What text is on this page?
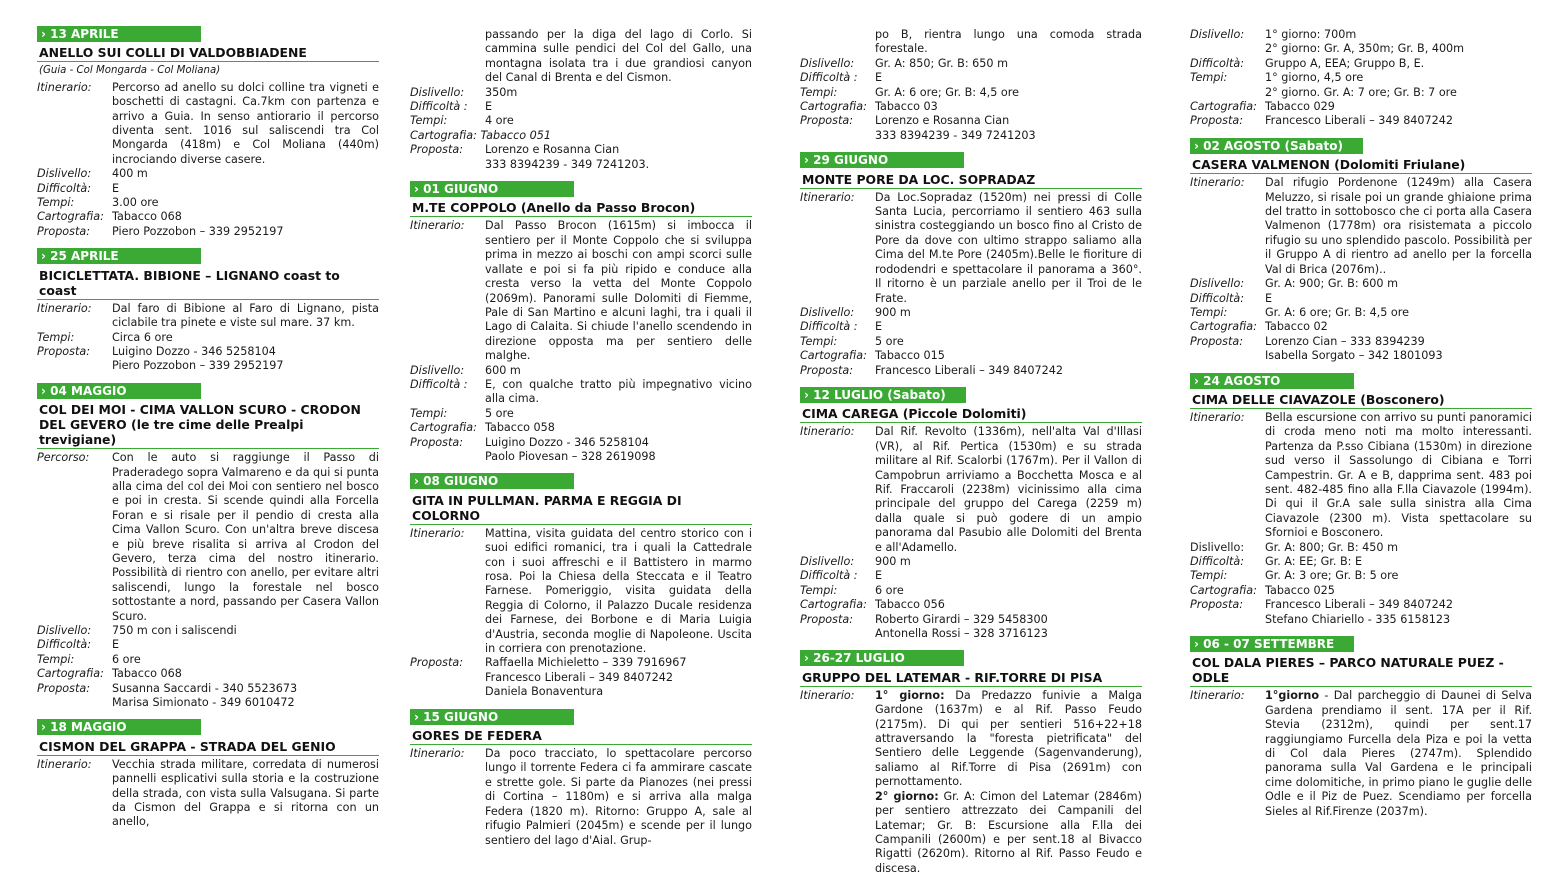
› 13 APRILE
ANELLO SUI COLLI DI VALDOBBIADENE
(Guia - Col Mongarda - Col Moliana)
Itinerario:	Percorso ad anello su dolci colline tra vigneti e boschetti di castagni. Ca.7km con partenza e arrivo a Guia. In senso antiorario il percorso diventa sent. 1016 sul saliscendi tra Col Mongarda (418m) e Col Moliana (440m) incrociando diverse casere.
Dislivello:	400 m
Difficoltà:	E
Tempi:	3.00 ore
Cartografia: Tabacco 068
Proposta:	Piero Pozzobon – 339 2952197
› 25 APRILE
BICICLETTATA. BIBIONE – LIGNANO coast to coast
Itinerario:	Dal faro di Bibione al Faro di Lignano, pista ciclabile tra pinete e viste sul mare. 37 km.
Tempi:	Circa 6 ore
Proposta:	Luigino Dozzo - 346 5258104
Piero Pozzobon – 339 2952197
› 04 MAGGIO
COL DEI MOI - CIMA VALLON SCURO - CRODON DEL GEVERO (le tre cime delle Prealpi trevigiane)
Percorso:	Con le auto si raggiunge il Passo di Praderadego sopra Valmareno e da qui si punta alla cima del col dei Moi con sentiero nel bosco e poi in cresta. Si scende quindi alla Forcella Foran e si risale per il pendio di cresta alla Cima Vallon Scuro. Con un'altra breve discesa e più breve risalita si arriva al Crodon del Gevero, terza cima del nostro itinerario. Possibilità di rientro con anello, per evitare altri saliscendi, lungo la forestale nel bosco sottostante a nord, passando per Casera Vallon Scuro.
Dislivello:	750 m con i saliscendi
Difficoltà:	E
Tempi:	6 ore
Cartografia: Tabacco 068
Proposta:	Susanna Saccardi - 340 5523673
Marisa Simionato - 349 6010472
› 18 MAGGIO
CISMON DEL GRAPPA - STRADA DEL GENIO
Itinerario:	Vecchia strada militare, corredata di numerosi pannelli esplicativi sulla storia e la costruzione della strada, con vista sulla Valsugana. Si parte da Cismon del Grappa e si ritorna con un anello,
passando per la diga del lago di Corlo. Si cammina sulle pendici del Col del Gallo, una montagna isolata tra i due grandiosi canyon del Canal di Brenta e del Cismon.
Dislivello:	350m
Difficoltà :	E
Tempi:	4 ore
Cartografia: Tabacco 051
Proposta:	Lorenzo e Rosanna Cian
333 8394239 - 349 7241203.
› 01 GIUGNO
M.TE COPPOLO (Anello da Passo Brocon)
Itinerario:	Dal Passo Brocon (1615m) si imbocca il sentiero per il Monte Coppolo che si sviluppa prima in mezzo ai boschi con ampi scorci sulle vallate e poi si fa più ripido e conduce alla cresta verso la vetta del Monte Coppolo (2069m). Panorami sulle Dolomiti di Fiemme, Pale di San Martino e alcuni laghi, tra i quali il Lago di Calaita. Si chiude l'anello scendendo in direzione opposta ma per sentiero delle malghe.
Dislivello:	600 m
Difficoltà :	E, con qualche tratto più impegnativo vicino alla cima.
Tempi:	5 ore
Cartografia: Tabacco 058
Proposta:	Luigino Dozzo - 346 5258104
Paolo Piovesan – 328 2619098
› 08 GIUGNO
GITA IN PULLMAN. PARMA E REGGIA DI COLORNO
Itinerario:	Mattina, visita guidata del centro storico con i suoi edifici romanici, tra i quali la Cattedrale con i suoi affreschi e il Battistero in marmo rosa. Poi la Chiesa della Steccata e il Teatro Farnese. Pomeriggio, visita guidata della Reggia di Colorno, il Palazzo Ducale residenza dei Farnese, dei Borbone e di Maria Luigia d'Austria, seconda moglie di Napoleone. Uscita in corriera con prenotazione.
Proposta:	Raffaella Michieletto – 339 7916967
Francesco Liberali – 349 8407242
Daniela Bonaventura
› 15 GIUGNO
GORES DE FEDERA
Itinerario:	Da poco tracciato, lo spettacolare percorso lungo il torrente Federa ci fa ammirare cascate e strette gole. Si parte da Pianozes (nei pressi di Cortina – 1180m) e si arriva alla malga Federa (1820 m). Ritorno: Gruppo A, sale al rifugio Palmieri (2045m) e scende per il lungo sentiero del lago d'Aial. Grup-
po B, rientra lungo una comoda strada forestale.
Dislivello:	Gr. A: 850; Gr. B: 650 m
Difficoltà :	E
Tempi:	Gr. A: 6 ore; Gr. B: 4,5 ore
Cartografia: Tabacco 03
Proposta:	Lorenzo e Rosanna Cian
333 8394239 - 349 7241203
› 29 GIUGNO
MONTE PORE DA LOC. SOPRADAZ
Itinerario:	Da Loc.Sopradaz (1520m) nei pressi di Colle Santa Lucia, percorriamo il sentiero 463 sulla sinistra costeggiando un bosco fino al Cristo de Pore da dove con ultimo strappo saliamo alla Cima del M.te Pore (2405m).Belle le fioriture di rododendri e spettacolare il panorama a 360°. Il ritorno è un parziale anello per il Troi de le Frate.
Dislivello:	900 m
Difficoltà :	E
Tempi:	5 ore
Cartografia: Tabacco 015
Proposta:	Francesco Liberali – 349 8407242
› 12 LUGLIO (Sabato)
CIMA CAREGA (Piccole Dolomiti)
Itinerario:	Dal Rif. Revolto (1336m), nell'alta Val d'Illasi (VR), al Rif. Pertica (1530m) e su strada militare al Rif. Scalorbi (1767m). Per il Vallon di Campobrun arriviamo a Bocchetta Mosca e al Rif. Fraccaroli (2238m) vicinissimo alla cima principale del gruppo del Carega (2259 m) dalla quale si può godere di un ampio panorama dal Pasubio alle Dolomiti del Brenta e all'Adamello.
Dislivello:	900 m
Difficoltà :	E
Tempi:	6 ore
Cartografia: Tabacco 056
Proposta:	Roberto Girardi – 329 5458300
Antonella Rossi – 328 3716123
› 26-27 LUGLIO
GRUPPO DEL LATEMAR - RIF.TORRE DI PISA
Itinerario:	1° giorno: Da Predazzo funivie a Malga Gardone (1637m) e al Rif. Passo Feudo (2175m). Di qui per sentieri 516+22+18 attraversando la "foresta pietrificata" del Sentiero delle Leggende (Sagenvanderung), saliamo al Rif.Torre di Pisa (2691m) con pernottamento.
2° giorno: Gr. A: Cimon del Latemar (2846m) per sentiero attrezzato dei Campanili del Latemar; Gr. B: Escursione alla F.lla dei Campanili (2600m) e per sent.18 al Bivacco Rigatti (2620m). Ritorno al Rif. Passo Feudo e discesa.
Dislivello:	1° giorno: 700m
2° giorno: Gr. A, 350m; Gr. B, 400m
Difficoltà:	Gruppo A, EEA; Gruppo B, E.
Tempi:	1° giorno, 4,5 ore
2° giorno. Gr. A: 7 ore; Gr. B: 7 ore
Cartografia: Tabacco 029
Proposta:	Francesco Liberali – 349 8407242
› 02 AGOSTO (Sabato)
CASERA VALMENON (Dolomiti Friulane)
Itinerario:	Dal rifugio Pordenone (1249m) alla Casera Meluzzo, si risale poi un grande ghiaione prima del tratto in sottobosco che ci porta alla Casera Valmenon (1778m) ora risistemata a piccolo rifugio su uno splendido pascolo. Possibilità per il Gruppo A di rientro ad anello per la forcella Val di Brica (2076m)..
Dislivello:	Gr. A: 900; Gr. B: 600 m
Difficoltà:	E
Tempi:	Gr. A: 6 ore; Gr. B: 4,5 ore
Cartografia: Tabacco 02
Proposta:	Lorenzo Cian – 333 8394239
Isabella Sorgato – 342 1801093
› 24 AGOSTO
CIMA DELLE CIAVAZOLE (Bosconero)
Itinerario:	Bella escursione con arrivo su punti panoramici di croda meno noti ma molto interessanti. Partenza da P.sso Cibiana (1530m) in direzione sud verso il Sassolungo di Cibiana e Torri Campestrin. Gr. A e B, dapprima sent. 483 poi sent. 482-485 fino alla F.lla Ciavazole (1994m). Di qui il Gr.A sale sulla sinistra alla Cima Ciavazole (2300 m). Vista spettacolare su Sfornioi e Bosconero.
Dislivello:	Gr. A: 800; Gr. B: 450 m
Difficoltà:	Gr. A: EE; Gr. B: E
Tempi:	Gr. A: 3 ore; Gr. B: 5 ore
Cartografia: Tabacco 025
Proposta:	Francesco Liberali – 349 8407242
Stefano Chiariello - 335 6158123
› 06 - 07 SETTEMBRE
COL DALA PIERES – PARCO NATURALE PUEZ - ODLE
Itinerario:	1°giorno - Dal parcheggio di Daunei di Selva Gardena prendiamo il sent. 17A per il Rif. Stevia (2312m), quindi per sent.17 raggiungiamo Furcella dela Piza e poi la vetta di Col dala Pieres (2747m). Splendido panorama sulla Val Gardena e le principali cime dolomitiche, in primo piano le guglie delle Odle e il Piz de Puez. Scendiamo per forcella Sieles al Rif.Firenze (2037m).
